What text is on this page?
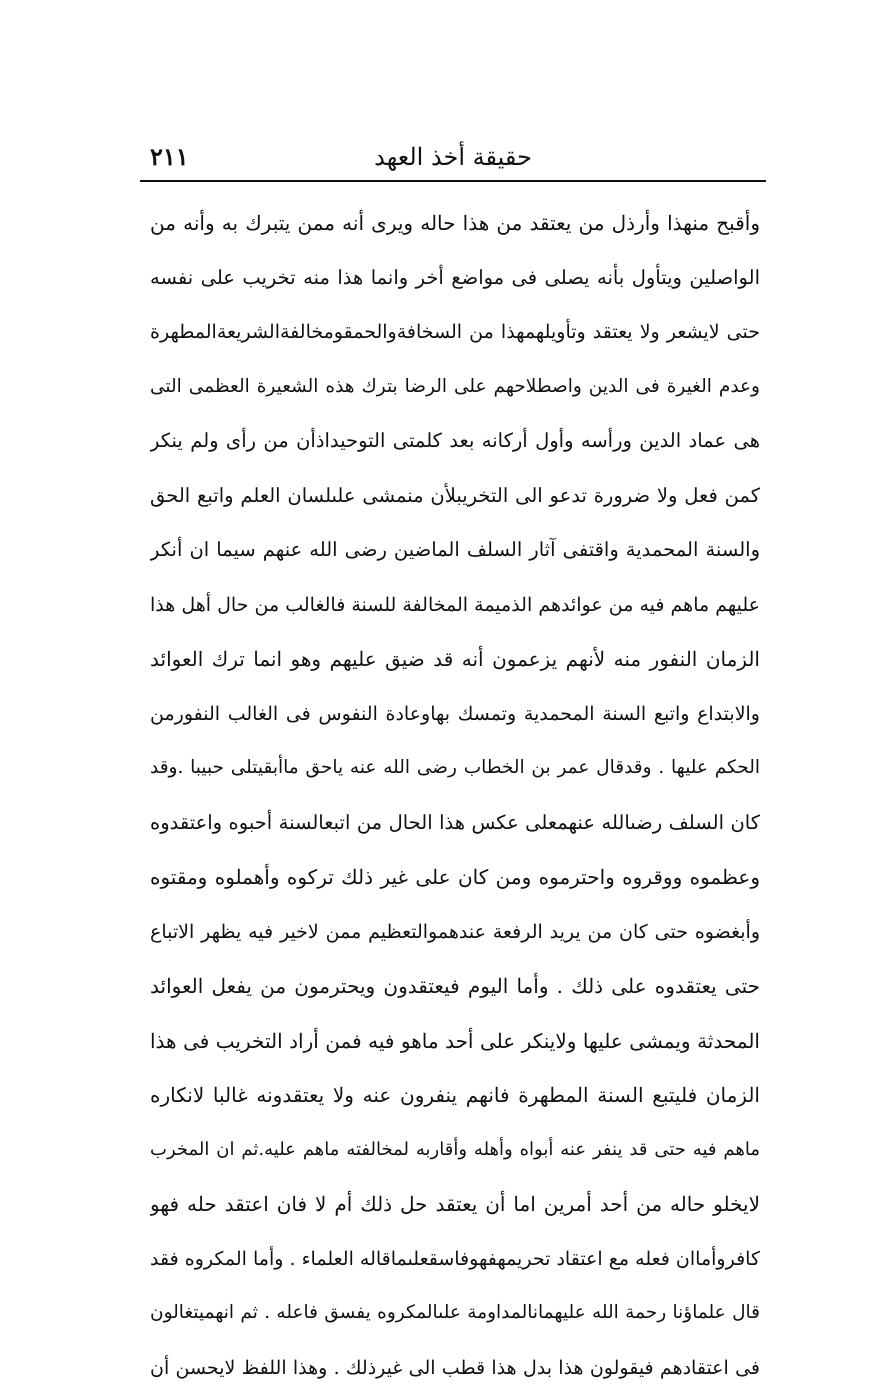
حقيقة أخذ العهد
٢١١
وأقبح منهذا وأرذل من يعتقد من هذا حاله ويرى أنه ممن يتبرك به وأنه من
الواصلين ويتأول بأنه يصلى فى مواضع أخر وانما هذا منه تخريب على نفسه
حتى لايشعر ولا يعتقد وتأويلهمهذا من السخافةوالحمقومخالفةالشريعةالمطهرة
وعدم الغيرة فى الدين واصطلاحهم على الرضا بترك هذه الشعيرة العظمى التى
هى عماد الدين ورأسه وأول أركانه بعد كلمتى التوحيداذأن من رأى ولم ينكر
كمن فعل ولا ضرورة تدعو الى التخريبلأن منمشى علىلسان العلم واتبع الحق
والسنة المحمدية واقتفى آثار السلف الماضين رضى الله عنهم سيما ان أنكر
عليهم ماهم فيه من عوائدهم الذميمة المخالفة للسنة فالغالب من حال أهل هذا
الزمان النفور منه لأنهم يزعمون أنه قد ضيق عليهم وهو انما ترك العوائد
والابتداع واتبع السنة المحمدية وتمسك بهاوعادة النفوس فى الغالب النفورمن
الحكم عليها . وقدقال عمر بن الخطاب رضى الله عنه ياحق ماأبقيتلى حبيبا .وقد
كان السلف رضىالله عنهمعلى عكس هذا الحال من اتبعالسنة أحبوه واعتقدوه
وعظموه ووقروه واحترموه ومن كان على غير ذلك تركوه وأهملوه ومقتوه
وأبغضوه حتى كان من يريد الرفعة عندهموالتعظيم ممن لاخير فيه يظهر الاتباع
حتى يعتقدوه على ذلك . وأما اليوم فيعتقدون ويحترمون من يفعل العوائد
المحدثة ويمشى عليها ولاينكر على أحد ماهو فيه فمن أراد التخريب فى هذا
الزمان فليتبع السنة المطهرة فانهم ينفرون عنه ولا يعتقدونه غالبا لانكاره
ماهم فيه حتى قد ينفر عنه أبواه وأهله وأقاربه لمخالفته ماهم عليه.ثم ان المخرب
لايخلو حاله من أحد أمرين اما أن يعتقد حل ذلك أم لا فان اعتقد حله فهو
كافروأماان فعله مع اعتقاد تحريمهفهوفاسقعلىماقاله العلماء . وأما المكروه فقد
قال علماؤنا رحمة الله عليهمانالمداومة علىالمكروه يفسق فاعله . ثم انهميتغالون
فى اعتقادهم فيقولون هذا بدل هذا قطب الى غيرذلك . وهذا اللفظ لايحسن أن
